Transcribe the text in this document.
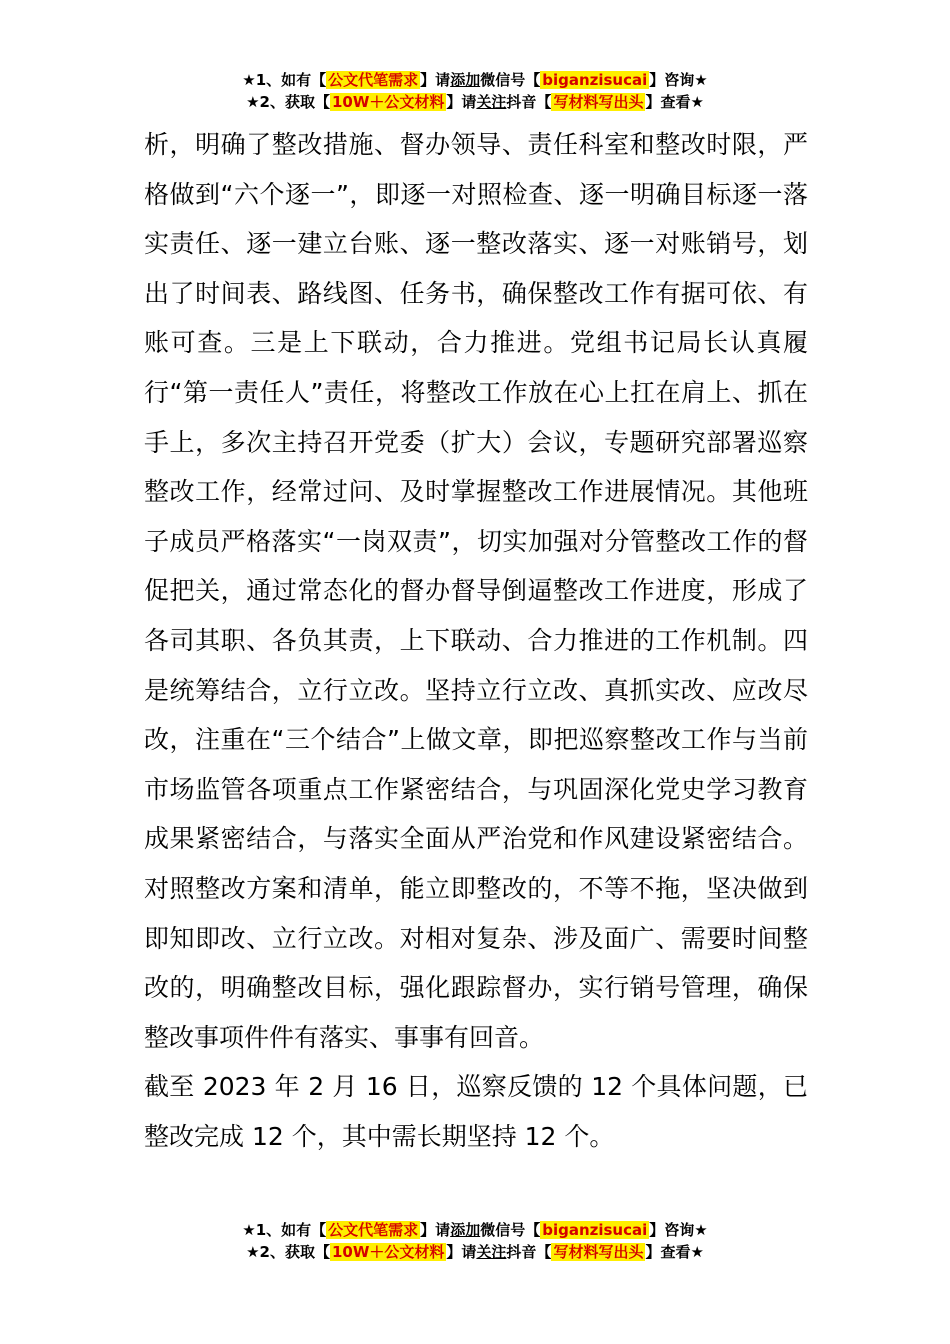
★1、如有【 公文代笔需求 】请添加微信号【 biganzisucai 】咨询★
★2、获取【 10W＋公文材料 】请关注抖音【 写材料写出头 】查看★

析，明确了整改措施、督办领导、责任科室和整改时限，严格做到“六个逐一”，即逐一对照检查、逐一明确目标逐一落实责任、逐一建立台账、逐一整改落实、逐一对账销号，划出了时间表、路线图、任务书，确保整改工作有据可依、有账可查。三是上下联动，合力推进。党组书记局长认真履行“第一责任人”责任，将整改工作放在心上扛在肩上、抓在手上，多次主持召开党委（扩大）会议，专题研究部署巡察整改工作，经常过问、及时掌握整改工作进展情况。其他班子成员严格落实“一岗双责”，切实加强对分管整改工作的督促把关，通过常态化的督办督导倒逼整改工作进度，形成了各司其职、各负其责，上下联动、合力推进的工作机制。四是统筹结合，立行立改。坚持立行立改、真抓实改、应改尽改，注重在“三个结合”上做文章，即把巡察整改工作与当前市场监管各项重点工作紧密结合，与巩固深化党史学习教育成果紧密结合，与落实全面从严治党和作风建设紧密结合。对照整改方案和清单，能立即整改的，不等不拖，坚决做到即知即改、立行立改。对相对复杂、涉及面广、需要时间整改的，明确整改目标，强化跟踪督办，实行销号管理，确保整改事项件件有落实、事事有回音。

截至 2023 年 2 月 16 日，巡察反馈的 12 个具体问题，已整改完成 12 个，其中需长期坚持 12 个。

★1、如有【 公文代笔需求 】请添加微信号【 biganzisucai 】咨询★
★2、获取【 10W＋公文材料 】请关注抖音【 写材料写出头 】查看★
